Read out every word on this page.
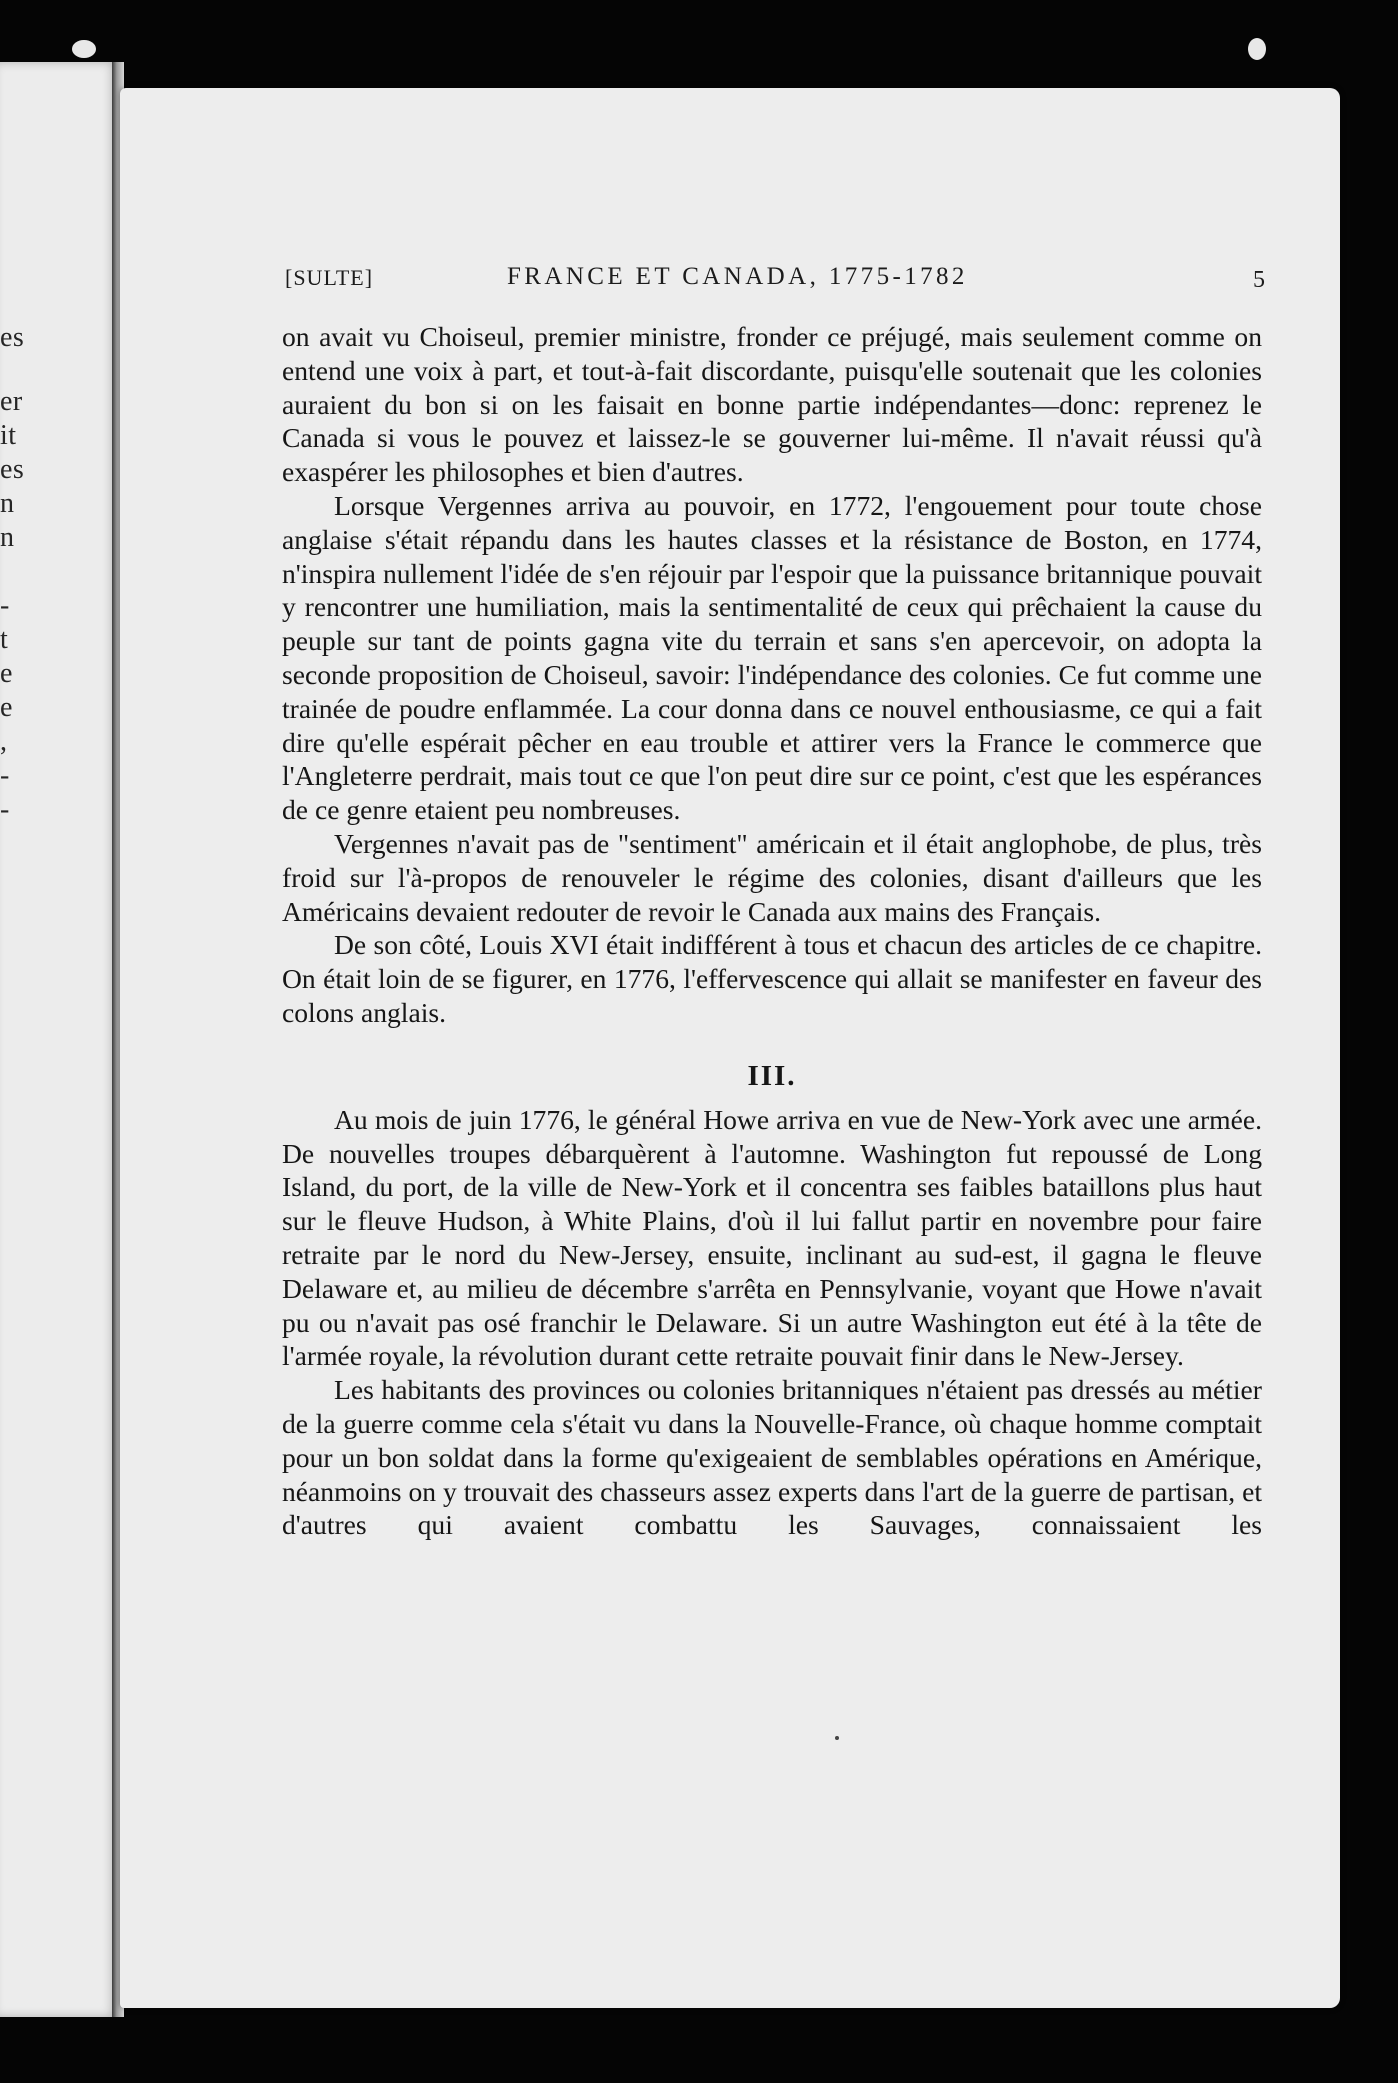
es
er
it
es
n
n
-
t
e
e
,
-
-
[SULTE]	FRANCE ET CANADA, 1775-1782	5

on avait vu Choiseul, premier ministre, fronder ce préjugé, mais seulement comme on entend une voix à part, et tout-à-fait discordante, puisqu'elle soutenait que les colonies auraient du bon si on les faisait en bonne partie indépendantes—donc: reprenez le Canada si vous le pouvez et laissez-le se gouverner lui-même. Il n'avait réussi qu'à exaspérer les philosophes et bien d'autres.

Lorsque Vergennes arriva au pouvoir, en 1772, l'engouement pour toute chose anglaise s'était répandu dans les hautes classes et la résistance de Boston, en 1774, n'inspira nullement l'idée de s'en réjouir par l'espoir que la puissance britannique pouvait y rencontrer une humiliation, mais la sentimentalité de ceux qui prêchaient la cause du peuple sur tant de points gagna vite du terrain et sans s'en apercevoir, on adopta la seconde proposition de Choiseul, savoir: l'indépendance des colonies. Ce fut comme une trainée de poudre enflammée. La cour donna dans ce nouvel enthousiasme, ce qui a fait dire qu'elle espérait pêcher en eau trouble et attirer vers la France le commerce que l'Angleterre perdrait, mais tout ce que l'on peut dire sur ce point, c'est que les espérances de ce genre etaient peu nombreuses.

Vergennes n'avait pas de "sentiment" américain et il était anglophobe, de plus, très froid sur l'à-propos de renouveler le régime des colonies, disant d'ailleurs que les Américains devaient redouter de revoir le Canada aux mains des Français.

De son côté, Louis XVI était indifférent à tous et chacun des articles de ce chapitre. On était loin de se figurer, en 1776, l'effervescence qui allait se manifester en faveur des colons anglais.

III.

Au mois de juin 1776, le général Howe arriva en vue de New-York avec une armée. De nouvelles troupes débarquèrent à l'automne. Washington fut repoussé de Long Island, du port, de la ville de New-York et il concentra ses faibles bataillons plus haut sur le fleuve Hudson, à White Plains, d'où il lui fallut partir en novembre pour faire retraite par le nord du New-Jersey, ensuite, inclinant au sud-est, il gagna le fleuve Delaware et, au milieu de décembre s'arrêta en Pennsylvanie, voyant que Howe n'avait pu ou n'avait pas osé franchir le Delaware. Si un autre Washington eut été à la tête de l'armée royale, la révolution durant cette retraite pouvait finir dans le New-Jersey.

Les habitants des provinces ou colonies britanniques n'étaient pas dressés au métier de la guerre comme cela s'était vu dans la Nouvelle-France, où chaque homme comptait pour un bon soldat dans la forme qu'exigeaient de semblables opérations en Amérique, néanmoins on y trouvait des chasseurs assez experts dans l'art de la guerre de partisan, et d'autres qui avaient combattu les Sauvages, connaissaient les
